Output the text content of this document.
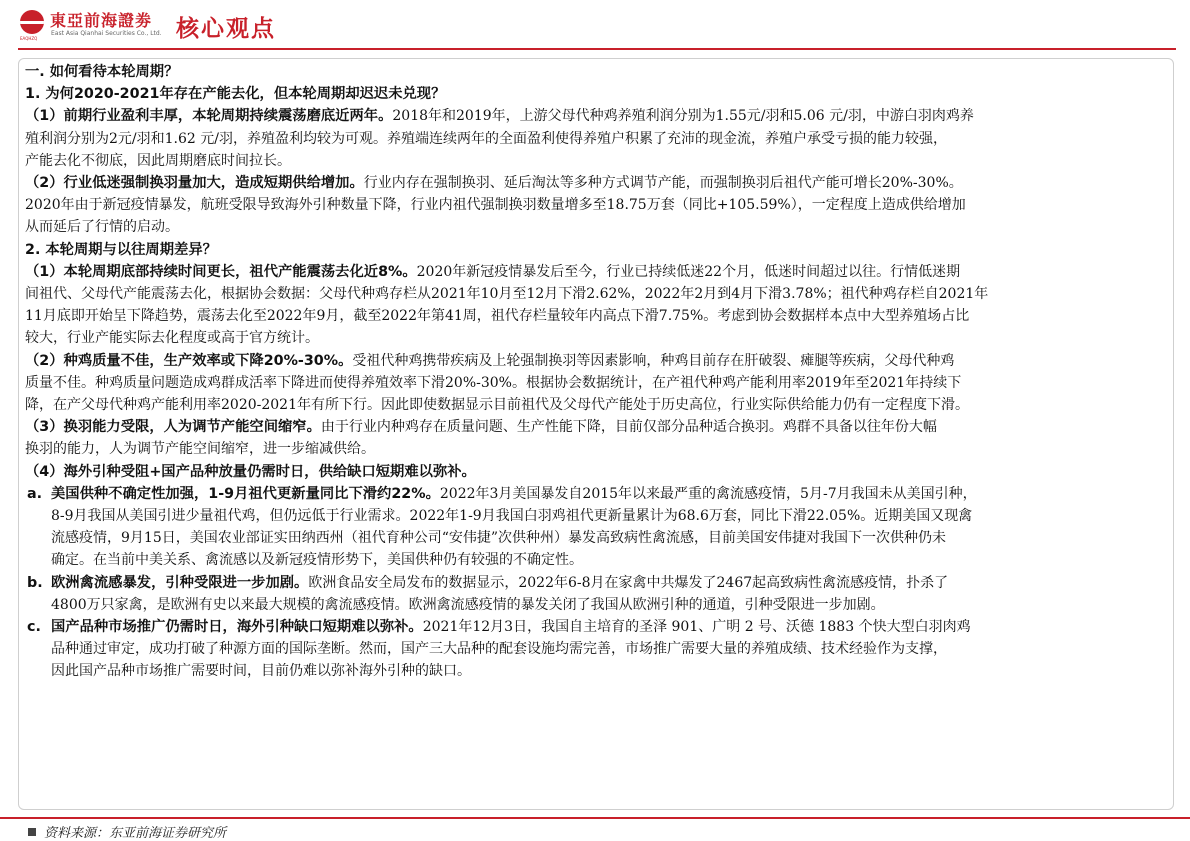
EAQHZQ
東亞前海證劵
East Asia Qianhai Securities Co., Ltd. 核心观点
一. 如何看待本轮周期？
1. 为何2020-2021年存在产能去化，但本轮周期却迟迟未兑现？
（1）前期行业盈利丰厚，本轮周期持续震荡磨底近两年。2018年和2019年，上游父母代种鸡养殖利润分别为1.55元/羽和5.06 元/羽，中游白羽肉鸡养
殖利润分别为2元/羽和1.62 元/羽，养殖盈利均较为可观。养殖端连续两年的全面盈利使得养殖户积累了充沛的现金流，养殖户承受亏损的能力较强，
产能去化不彻底，因此周期磨底时间拉长。
（2）行业低迷强制换羽量加大，造成短期供给增加。行业内存在强制换羽、延后淘汰等多种方式调节产能，而强制换羽后祖代产能可增长20%-30%。
2020年由于新冠疫情暴发，航班受限导致海外引种数量下降，行业内祖代强制换羽数量增多至18.75万套（同比+105.59%），一定程度上造成供给增加
从而延后了行情的启动。
2. 本轮周期与以往周期差异？
（1）本轮周期底部持续时间更长，祖代产能震荡去化近8%。2020年新冠疫情暴发后至今，行业已持续低迷22个月，低迷时间超过以往。行情低迷期
间祖代、父母代产能震荡去化，根据协会数据：父母代种鸡存栏从2021年10月至12月下滑2.62%，2022年2月到4月下滑3.78%；祖代种鸡存栏自2021年
11月底即开始呈下降趋势，震荡去化至2022年9月，截至2022年第41周，祖代存栏量较年内高点下滑7.75%。考虑到协会数据样本点中大型养殖场占比
较大，行业产能实际去化程度或高于官方统计。
（2）种鸡质量不佳，生产效率或下降20%-30%。受祖代种鸡携带疾病及上轮强制换羽等因素影响，种鸡目前存在肝破裂、瘫腿等疾病，父母代种鸡
质量不佳。种鸡质量问题造成鸡群成活率下降进而使得养殖效率下滑20%-30%。根据协会数据统计，在产祖代种鸡产能利用率2019年至2021年持续下
降，在产父母代种鸡产能利用率2020-2021年有所下行。因此即使数据显示目前祖代及父母代产能处于历史高位，行业实际供给能力仍有一定程度下滑。
（3）换羽能力受限，人为调节产能空间缩窄。由于行业内种鸡存在质量问题、生产性能下降，目前仅部分品种适合换羽。鸡群不具备以往年份大幅
换羽的能力，人为调节产能空间缩窄，进一步缩减供给。
（4）海外引种受阻+国产品种放量仍需时日，供给缺口短期难以弥补。
a. 美国供种不确定性加强，1-9月祖代更新量同比下滑约22%。2022年3月美国暴发自2015年以来最严重的禽流感疫情，5月-7月我国未从美国引种，
8-9月我国从美国引进少量祖代鸡，但仍远低于行业需求。2022年1-9月我国白羽鸡祖代更新量累计为68.6万套，同比下滑22.05%。近期美国又现禽
流感疫情，9月15日，美国农业部证实田纳西州（祖代育种公司“安伟捷”次供种州）暴发高致病性禽流感，目前美国安伟捷对我国下一次供种仍未
确定。在当前中美关系、禽流感以及新冠疫情形势下，美国供种仍有较强的不确定性。
b. 欧洲禽流感暴发，引种受限进一步加剧。欧洲食品安全局发布的数据显示，2022年6-8月在家禽中共爆发了2467起高致病性禽流感疫情，扑杀了
4800万只家禽，是欧洲有史以来最大规模的禽流感疫情。欧洲禽流感疫情的暴发关闭了我国从欧洲引种的通道，引种受限进一步加剧。
c. 国产品种市场推广仍需时日，海外引种缺口短期难以弥补。2021年12月3日，我国自主培育的圣泽 901、广明 2 号、沃德 1883 个快大型白羽肉鸡
品种通过审定，成功打破了种源方面的国际垄断。然而，国产三大品种的配套设施均需完善，市场推广需要大量的养殖成绩、技术经验作为支撑，
因此国产品种市场推广需要时间，目前仍难以弥补海外引种的缺口。
资料来源：东亚前海证券研究所
